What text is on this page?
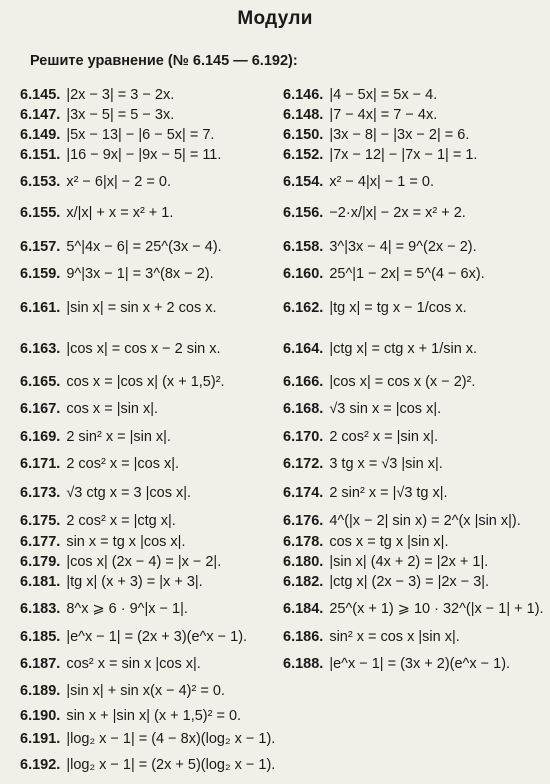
Модули
Решите уравнение (№ 6.145 — 6.192):
6.145. |2x − 3| = 3 − 2x.	6.146. |4 − 5x| = 5x − 4.
6.147. |3x − 5| = 5 − 3x.	6.148. |7 − 4x| = 7 − 4x.
6.149. |5x − 13| − |6 − 5x| = 7.	6.150. |3x − 8| − |3x − 2| = 6.
6.151. |16 − 9x| − |9x − 5| = 11.	6.152. |7x − 12| − |7x − 1| = 1.
6.153. x² − 6|x| − 2 = 0.	6.154. x² − 4|x| − 1 = 0.
6.155. x/|x| + x = x² + 1.	6.156. −2·x/|x| − 2x = x² + 2.
6.157. 5^|4x − 6| = 25^(3x − 4).	6.158. 3^|3x − 4| = 9^(2x − 2).
6.159. 9^|3x − 1| = 3^(8x − 2).	6.160. 25^|1 − 2x| = 5^(4 − 6x).
6.161. |sin x| = sin x + 2 cos x.	6.162. |tg x| = tg x − 1/cos x.
6.163. |cos x| = cos x − 2 sin x.	6.164. |ctg x| = ctg x + 1/sin x.
6.165. cos x = |cos x| (x + 1,5)².	6.166. |cos x| = cos x (x − 2)².
6.167. cos x = |sin x|.	6.168. √3 sin x = |cos x|.
6.169. 2 sin² x = |sin x|.	6.170. 2 cos² x = |sin x|.
6.171. 2 cos² x = |cos x|.	6.172. 3 tg x = √3 |sin x|.
6.173. √3 ctg x = 3 |cos x|.	6.174. 2 sin² x = |√3 tg x|.
6.175. 2 cos² x = |ctg x|.	6.176. 4^(|x − 2| sin x) = 2^(x |sin x|).
6.177. sin x = tg x |cos x|.	6.178. cos x = tg x |sin x|.
6.179. |cos x| (2x − 4) = |x − 2|.	6.180. |sin x| (4x + 2) = |2x + 1|.
6.181. |tg x| (x + 3) = |x + 3|.	6.182. |ctg x| (2x − 3) = |2x − 3|.
6.183. 8^x ⩾ 6 · 9^|x − 1|.	6.184. 25^(x + 1) ⩾ 10 · 32^(|x − 1| + 1).
6.185. |e^x − 1| = (2x + 3)(e^x − 1). 6.186. sin² x = cos x |sin x|.
6.187. cos² x = sin x |cos x|.	6.188. |e^x − 1| = (3x + 2)(e^x − 1).
6.189. |sin x| + sin x(x − 4)² = 0.
6.190. sin x + |sin x| (x + 1,5)² = 0.
6.191. |log₂ x − 1| = (4 − 8x)(log₂ x − 1).
6.192. |log₂ x − 1| = (2x + 5)(log₂ x − 1).
